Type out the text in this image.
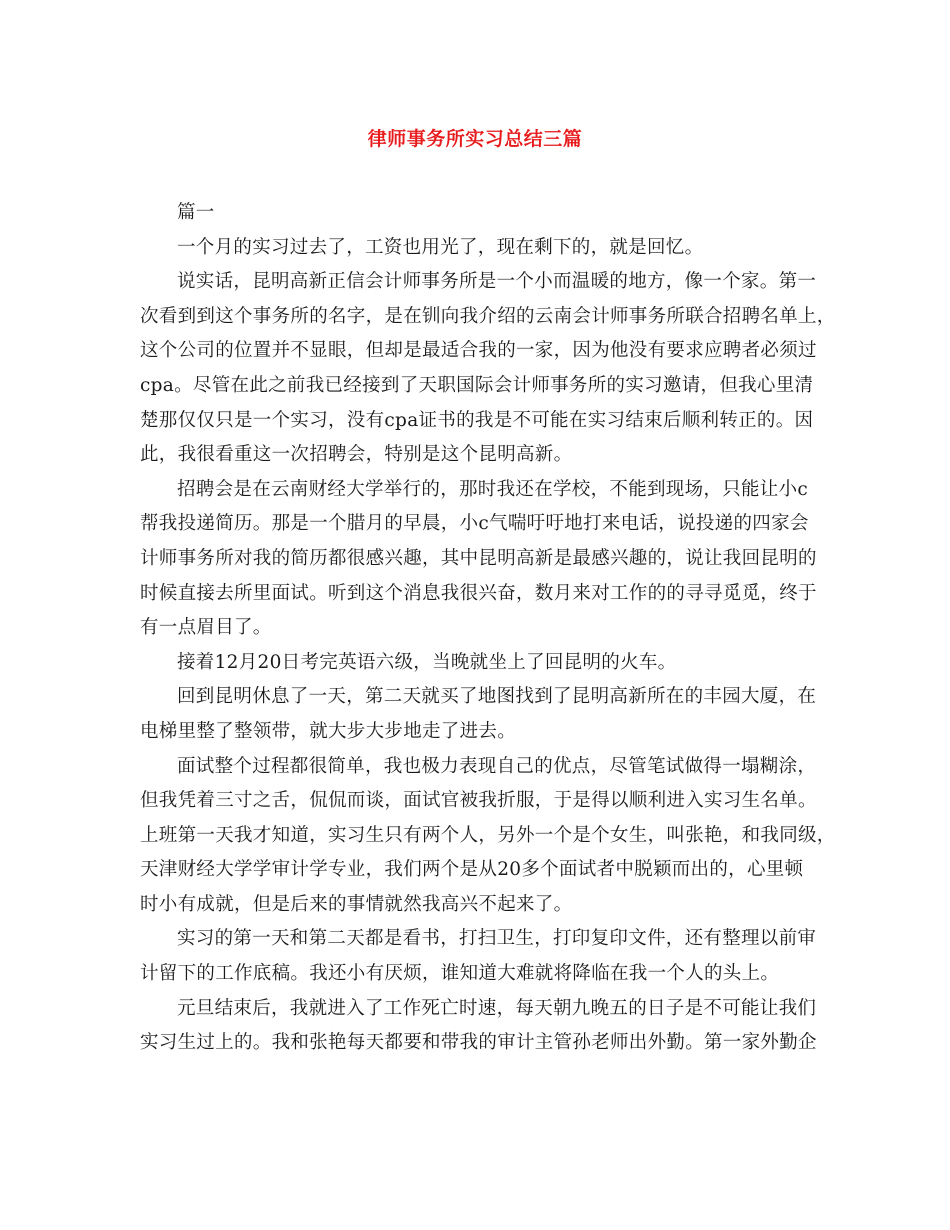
律师事务所实习总结三篇
篇一
一个月的实习过去了，工资也用光了，现在剩下的，就是回忆。
说实话，昆明高新正信会计师事务所是一个小而温暖的地方，像一个家。第一
次看到到这个事务所的名字，是在钏向我介绍的云南会计师事务所联合招聘名单上，
这个公司的位置并不显眼，但却是最适合我的一家，因为他没有要求应聘者必须过
cpa。尽管在此之前我已经接到了天职国际会计师事务所的实习邀请，但我心里清
楚那仅仅只是一个实习，没有cpa证书的我是不可能在实习结束后顺利转正的。因
此，我很看重这一次招聘会，特别是这个昆明高新。
招聘会是在云南财经大学举行的，那时我还在学校，不能到现场，只能让小c
帮我投递简历。那是一个腊月的早晨，小c气喘吁吁地打来电话，说投递的四家会
计师事务所对我的简历都很感兴趣，其中昆明高新是最感兴趣的，说让我回昆明的
时候直接去所里面试。听到这个消息我很兴奋，数月来对工作的的寻寻觅觅，终于
有一点眉目了。
接着12月20日考完英语六级，当晚就坐上了回昆明的火车。
回到昆明休息了一天，第二天就买了地图找到了昆明高新所在的丰园大厦，在
电梯里整了整领带，就大步大步地走了进去。
面试整个过程都很简单，我也极力表现自己的优点，尽管笔试做得一塌糊涂，
但我凭着三寸之舌，侃侃而谈，面试官被我折服，于是得以顺利进入实习生名单。
上班第一天我才知道，实习生只有两个人，另外一个是个女生，叫张艳，和我同级，
天津财经大学学审计学专业，我们两个是从20多个面试者中脱颖而出的，心里顿
时小有成就，但是后来的事情就然我高兴不起来了。
实习的第一天和第二天都是看书，打扫卫生，打印复印文件，还有整理以前审
计留下的工作底稿。我还小有厌烦，谁知道大难就将降临在我一个人的头上。
元旦结束后，我就进入了工作死亡时速，每天朝九晚五的日子是不可能让我们
实习生过上的。我和张艳每天都要和带我的审计主管孙老师出外勤。第一家外勤企
